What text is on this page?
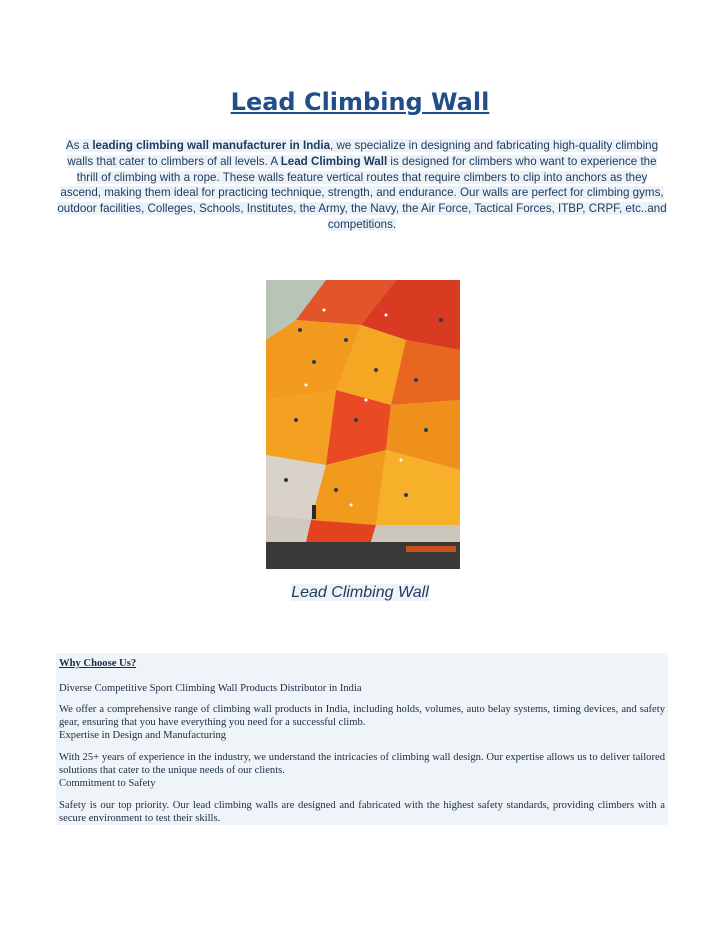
Lead Climbing Wall

As a leading climbing wall manufacturer in India, we specialize in designing and fabricating high-quality climbing walls that cater to climbers of all levels. A Lead Climbing Wall is designed for climbers who want to experience the thrill of climbing with a rope. These walls feature vertical routes that require climbers to clip into anchors as they ascend, making them ideal for practicing technique, strength, and endurance. Our walls are perfect for climbing gyms, outdoor facilities, Colleges, Schools, Institutes, the Army, the Navy, the Air Force, Tactical Forces, ITBP, CRPF, etc..and competitions.

Lead Climbing Wall

Why Choose Us?

Diverse Competitive Sport Climbing Wall Products Distributor in India

We offer a comprehensive range of climbing wall products in India, including holds, volumes, auto belay systems, timing devices, and safety gear, ensuring that you have everything you need for a successful climb.

Expertise in Design and Manufacturing

With 25+ years of experience in the industry, we understand the intricacies of climbing wall design. Our expertise allows us to deliver tailored solutions that cater to the unique needs of our clients.

Commitment to Safety

Safety is our top priority. Our lead climbing walls are designed and fabricated with the highest safety standards, providing climbers with a secure environment to test their skills.
